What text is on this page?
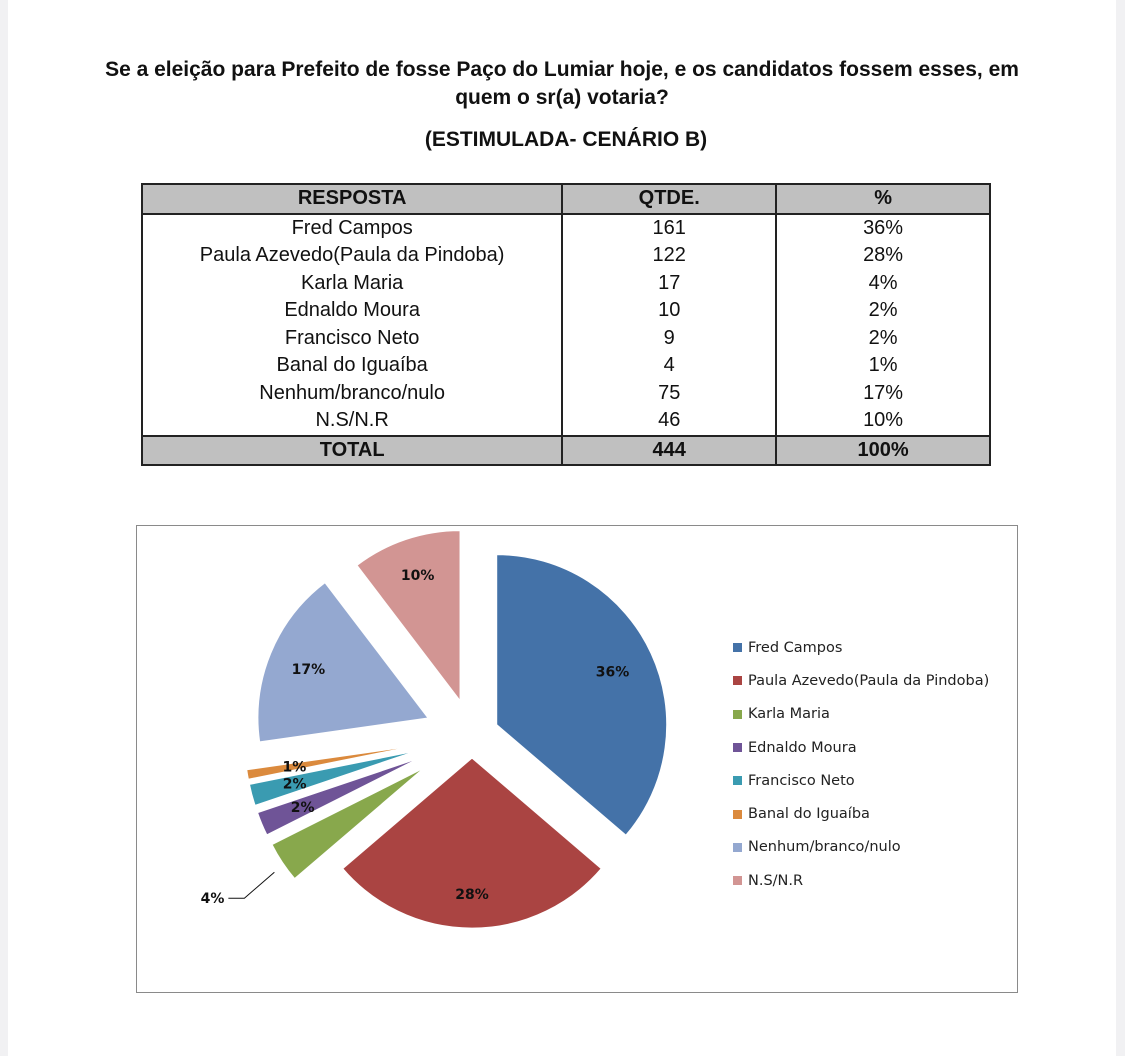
Se a eleição para Prefeito de fosse Paço do Lumiar hoje, e os candidatos fossem esses, em
quem o sr(a) votaria?
(ESTIMULADA- CENÁRIO B)
RESPOSTA	QTDE.	%
Fred Campos	161	36%
Paula Azevedo(Paula da Pindoba)	122	28%
Karla Maria	17	4%
Ednaldo Moura	10	2%
Francisco Neto	9	2%
Banal do Iguaíba	4	1%
Nenhum/branco/nulo	75	17%
N.S/N.R	46	10%
TOTAL	444	100%
36%
28%
4%
2%
2%
1%
17%
10%
Fred Campos
Paula Azevedo(Paula da Pindoba)
Karla Maria
Ednaldo Moura
Francisco Neto
Banal do Iguaíba
Nenhum/branco/nulo
N.S/N.R
